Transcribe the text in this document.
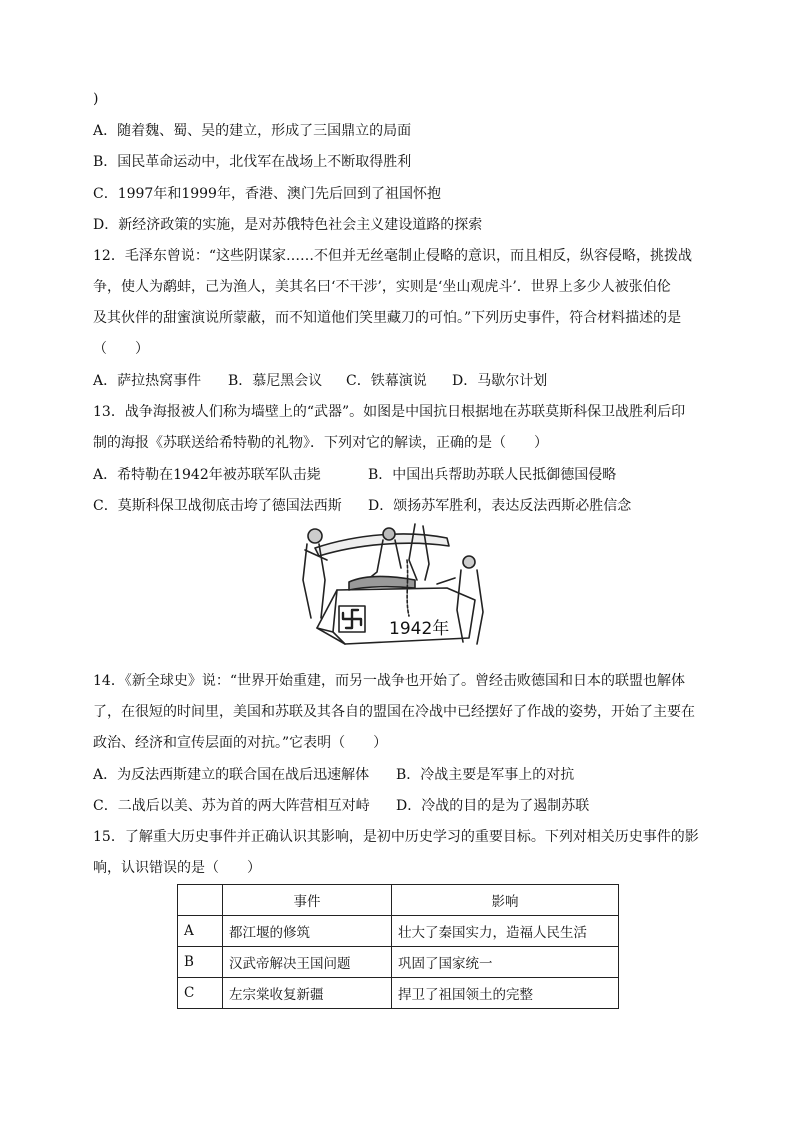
)
A．随着魏、蜀、吴的建立，形成了三国鼎立的局面
B．国民革命运动中，北伐军在战场上不断取得胜利
C．1997年和1999年，香港、澳门先后回到了祖国怀抱
D．新经济政策的实施，是对苏俄特色社会主义建设道路的探索
12．毛泽东曾说：“这些阴谋家……不但并无丝毫制止侵略的意识，而且相反，纵容侵略，挑拨战
争，使人为鹬蚌，己为渔人，美其名曰‘不干涉’，实则是‘坐山观虎斗’．世界上多少人被张伯伦
及其伙伴的甜蜜演说所蒙蔽，而不知道他们笑里藏刀的可怕。”下列历史事件，符合材料描述的是
（　　）
A．萨拉热窝事件 B．慕尼黑会议 C．铁幕演说 D．马歇尔计划
13．战争海报被人们称为墙壁上的“武器”。如图是中国抗日根据地在苏联莫斯科保卫战胜利后印
制的海报《苏联送给希特勒的礼物》．下列对它的解读，正确的是（　　）
A．希特勒在1942年被苏联军队击毙	B．中国出兵帮助苏联人民抵御德国侵略
C．莫斯科保卫战彻底击垮了德国法西斯 D．颂扬苏军胜利，表达反法西斯必胜信念
1942年
14．《新全球史》说：“世界开始重建，而另一战争也开始了。曾经击败德国和日本的联盟也解体
了，在很短的时间里，美国和苏联及其各自的盟国在冷战中已经摆好了作战的姿势，开始了主要在
政治、经济和宣传层面的对抗。”它表明（　　）
A．为反法西斯建立的联合国在战后迅速解体 B．冷战主要是军事上的对抗
C．二战后以美、苏为首的两大阵营相互对峙 D．冷战的目的是为了遏制苏联
15．了解重大历史事件并正确认识其影响，是初中历史学习的重要目标。下列对相关历史事件的影
响，认识错误的是（　　）
	事件	影响
A	都江堰的修筑	壮大了秦国实力，造福人民生活
B	汉武帝解决王国问题	巩固了国家统一
C	左宗棠收复新疆	捍卫了祖国领土的完整
